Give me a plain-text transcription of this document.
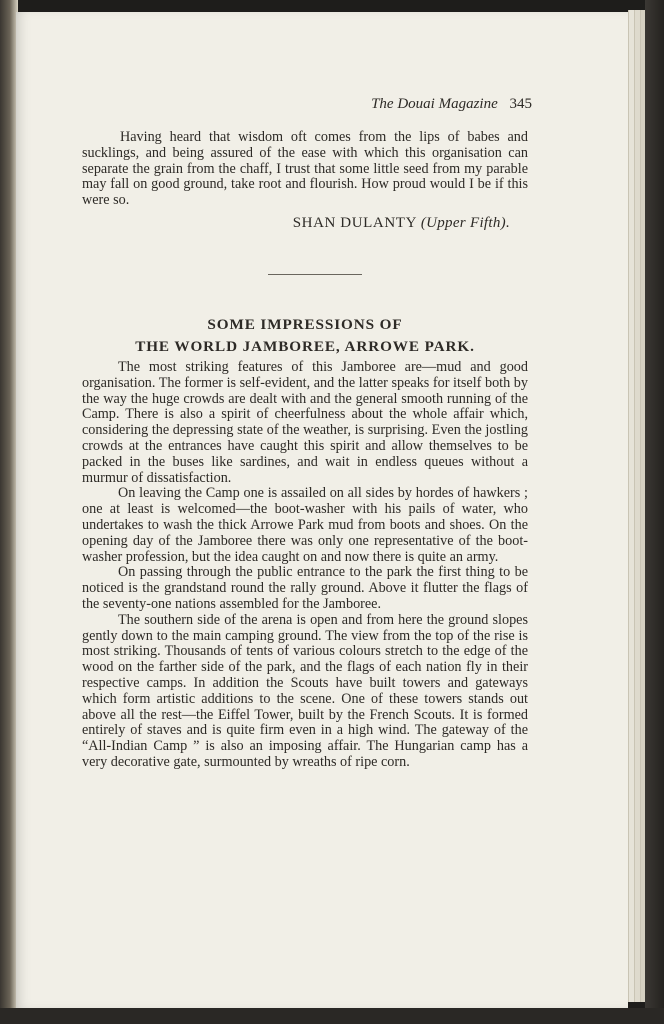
The Douai Magazine 345
Having heard that wisdom oft comes from the lips of babes and sucklings, and being assured of the ease with which this organisation can separate the grain from the chaff, I trust that some little seed from my parable may fall on good ground, take root and flourish. How proud would I be if this were so.
SHAN DULANTY (Upper Fifth).
SOME IMPRESSIONS OF
THE WORLD JAMBOREE, ARROWE PARK.

The most striking features of this Jamboree are—mud and good organisation. The former is self-evident, and the latter speaks for itself both by the way the huge crowds are dealt with and the general smooth running of the Camp. There is also a spirit of cheerfulness about the whole affair which, considering the depressing state of the weather, is surprising. Even the jostling crowds at the entrances have caught this spirit and allow themselves to be packed in the buses like sardines, and wait in endless queues without a murmur of dissatisfaction.

On leaving the Camp one is assailed on all sides by hordes of hawkers ; one at least is welcomed—the boot-washer with his pails of water, who undertakes to wash the thick Arrowe Park mud from boots and shoes. On the opening day of the Jamboree there was only one representative of the boot-washer profession, but the idea caught on and now there is quite an army.

On passing through the public entrance to the park the first thing to be noticed is the grandstand round the rally ground. Above it flutter the flags of the seventy-one nations assembled for the Jamboree.

The southern side of the arena is open and from here the ground slopes gently down to the main camping ground. The view from the top of the rise is most striking. Thousands of tents of various colours stretch to the edge of the wood on the farther side of the park, and the flags of each nation fly in their respective camps. In addition the Scouts have built towers and gateways which form artistic additions to the scene. One of these towers stands out above all the rest—the Eiffel Tower, built by the French Scouts. It is formed entirely of staves and is quite firm even in a high wind. The gateway of the “All-Indian Camp ” is also an imposing affair. The Hungarian camp has a very decorative gate, surmounted by wreaths of ripe corn.
